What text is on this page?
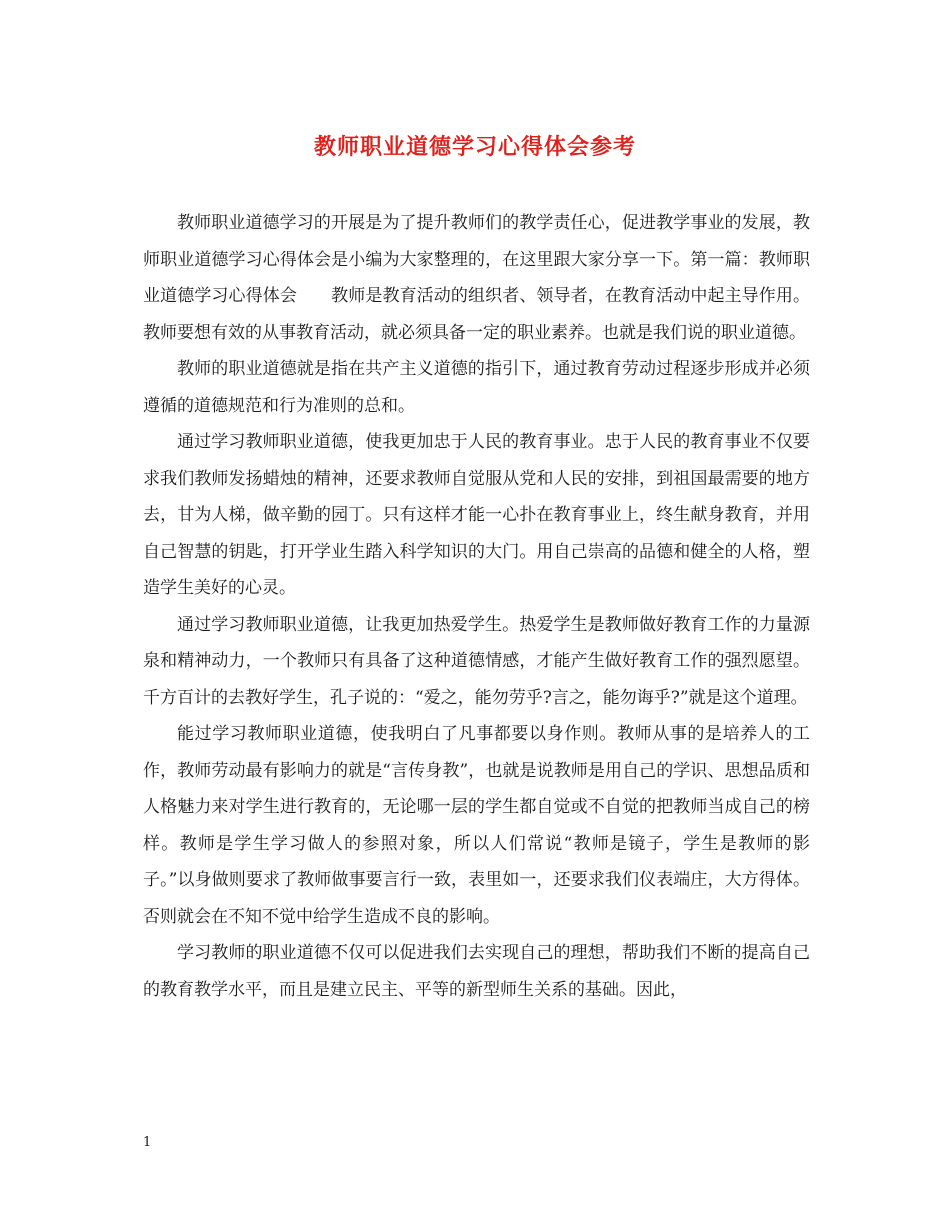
教师职业道德学习心得体会参考

教师职业道德学习的开展是为了提升教师们的教学责任心，促进教学事业的发展，教师职业道德学习心得体会是小编为大家整理的，在这里跟大家分享一下。第一篇：教师职业道德学习心得体会　　教师是教育活动的组织者、领导者，在教育活动中起主导作用。教师要想有效的从事教育活动，就必须具备一定的职业素养。也就是我们说的职业道德。

教师的职业道德就是指在共产主义道德的指引下，通过教育劳动过程逐步形成并必须遵循的道德规范和行为准则的总和。

通过学习教师职业道德，使我更加忠于人民的教育事业。忠于人民的教育事业不仅要求我们教师发扬蜡烛的精神，还要求教师自觉服从党和人民的安排，到祖国最需要的地方去，甘为人梯，做辛勤的园丁。只有这样才能一心扑在教育事业上，终生献身教育，并用自己智慧的钥匙，打开学业生踏入科学知识的大门。用自己崇高的品德和健全的人格，塑造学生美好的心灵。

通过学习教师职业道德，让我更加热爱学生。热爱学生是教师做好教育工作的力量源泉和精神动力，一个教师只有具备了这种道德情感，才能产生做好教育工作的强烈愿望。千方百计的去教好学生，孔子说的：“爱之，能勿劳乎?言之，能勿诲乎?”就是这个道理。

能过学习教师职业道德，使我明白了凡事都要以身作则。教师从事的是培养人的工作，教师劳动最有影响力的就是“言传身教”，也就是说教师是用自己的学识、思想品质和人格魅力来对学生进行教育的，无论哪一层的学生都自觉或不自觉的把教师当成自己的榜样。教师是学生学习做人的参照对象，所以人们常说“教师是镜子，学生是教师的影子。”以身做则要求了教师做事要言行一致，表里如一，还要求我们仪表端庄，大方得体。否则就会在不知不觉中给学生造成不良的影响。

学习教师的职业道德不仅可以促进我们去实现自己的理想，帮助我们不断的提高自己的教育教学水平，而且是建立民主、平等的新型师生关系的基础。因此，

1
